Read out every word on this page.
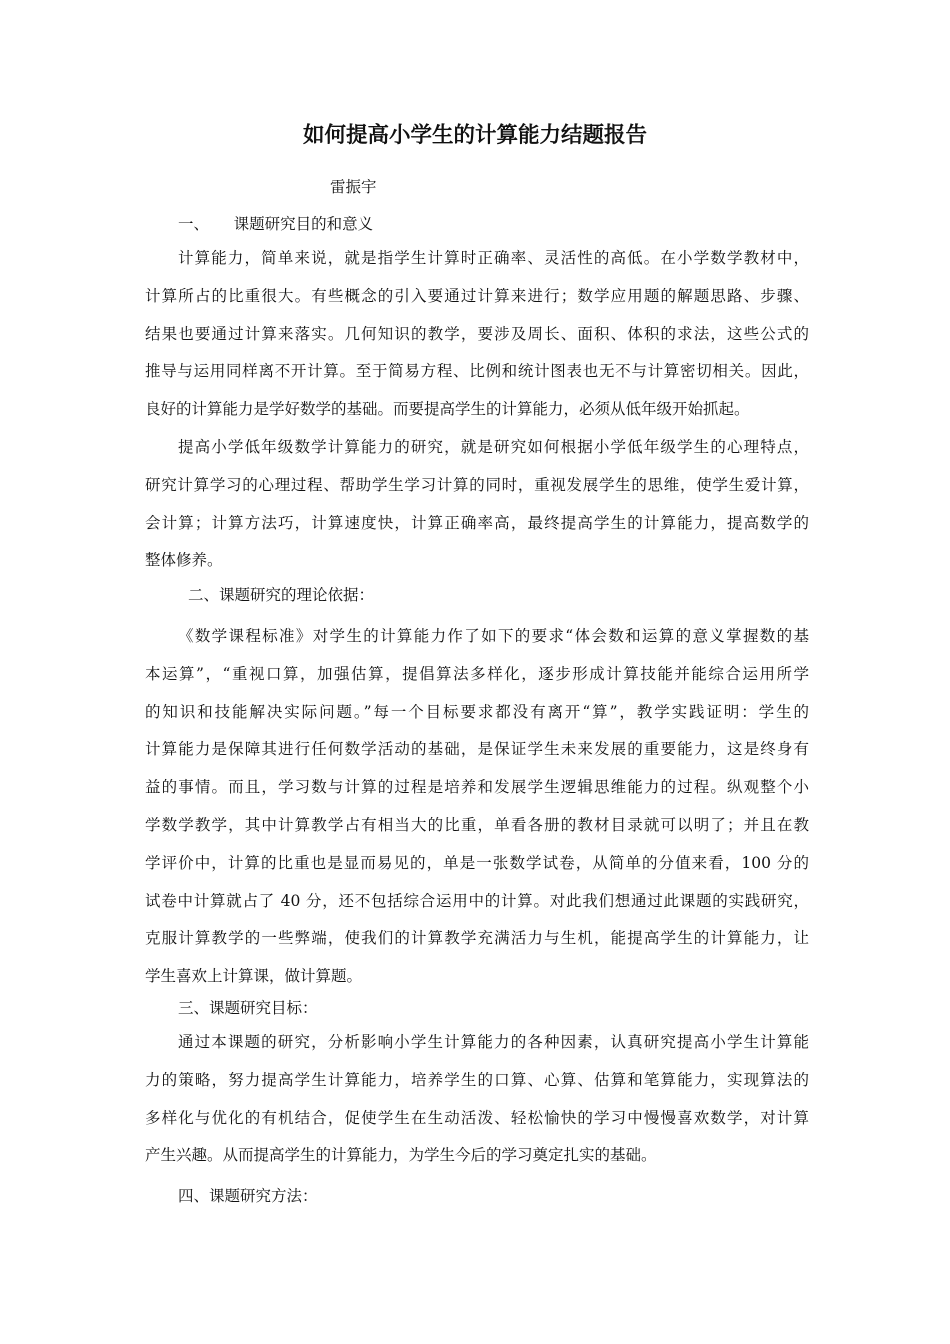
如何提高小学生的计算能力结题报告
雷振宇
一、     课题研究目的和意义
计算能力，简单来说，就是指学生计算时正确率、灵活性的高低。在小学数学教材中，
计算所占的比重很大。有些概念的引入要通过计算来进行；数学应用题的解题思路、步骤、
结果也要通过计算来落实。几何知识的教学，要涉及周长、面积、体积的求法，这些公式的
推导与运用同样离不开计算。至于简易方程、比例和统计图表也无不与计算密切相关。因此，
良好的计算能力是学好数学的基础。而要提高学生的计算能力，必须从低年级开始抓起。
提高小学低年级数学计算能力的研究，就是研究如何根据小学低年级学生的心理特点，
研究计算学习的心理过程、帮助学生学习计算的同时，重视发展学生的思维，使学生爱计算，
会计算；计算方法巧，计算速度快，计算正确率高，最终提高学生的计算能力，提高数学的
整体修养。
二、课题研究的理论依据：
《数学课程标准》对学生的计算能力作了如下的要求“体会数和运算的意义掌握数的基
本运算”，“重视口算，加强估算，提倡算法多样化，逐步形成计算技能并能综合运用所学
的知识和技能解决实际问题。”每一个目标要求都没有离开“算”，教学实践证明：学生的
计算能力是保障其进行任何数学活动的基础，是保证学生未来发展的重要能力，这是终身有
益的事情。而且，学习数与计算的过程是培养和发展学生逻辑思维能力的过程。纵观整个小
学数学教学，其中计算教学占有相当大的比重，单看各册的教材目录就可以明了；并且在教
学评价中，计算的比重也是显而易见的，单是一张数学试卷，从简单的分值来看，100 分的
试卷中计算就占了 40 分，还不包括综合运用中的计算。对此我们想通过此课题的实践研究，
克服计算教学的一些弊端，使我们的计算教学充满活力与生机，能提高学生的计算能力，让
学生喜欢上计算课，做计算题。
三、课题研究目标：
通过本课题的研究，分析影响小学生计算能力的各种因素，认真研究提高小学生计算能
力的策略，努力提高学生计算能力，培养学生的口算、心算、估算和笔算能力，实现算法的
多样化与优化的有机结合，促使学生在生动活泼、轻松愉快的学习中慢慢喜欢数学，对计算
产生兴趣。从而提高学生的计算能力，为学生今后的学习奠定扎实的基础。
四、课题研究方法：
